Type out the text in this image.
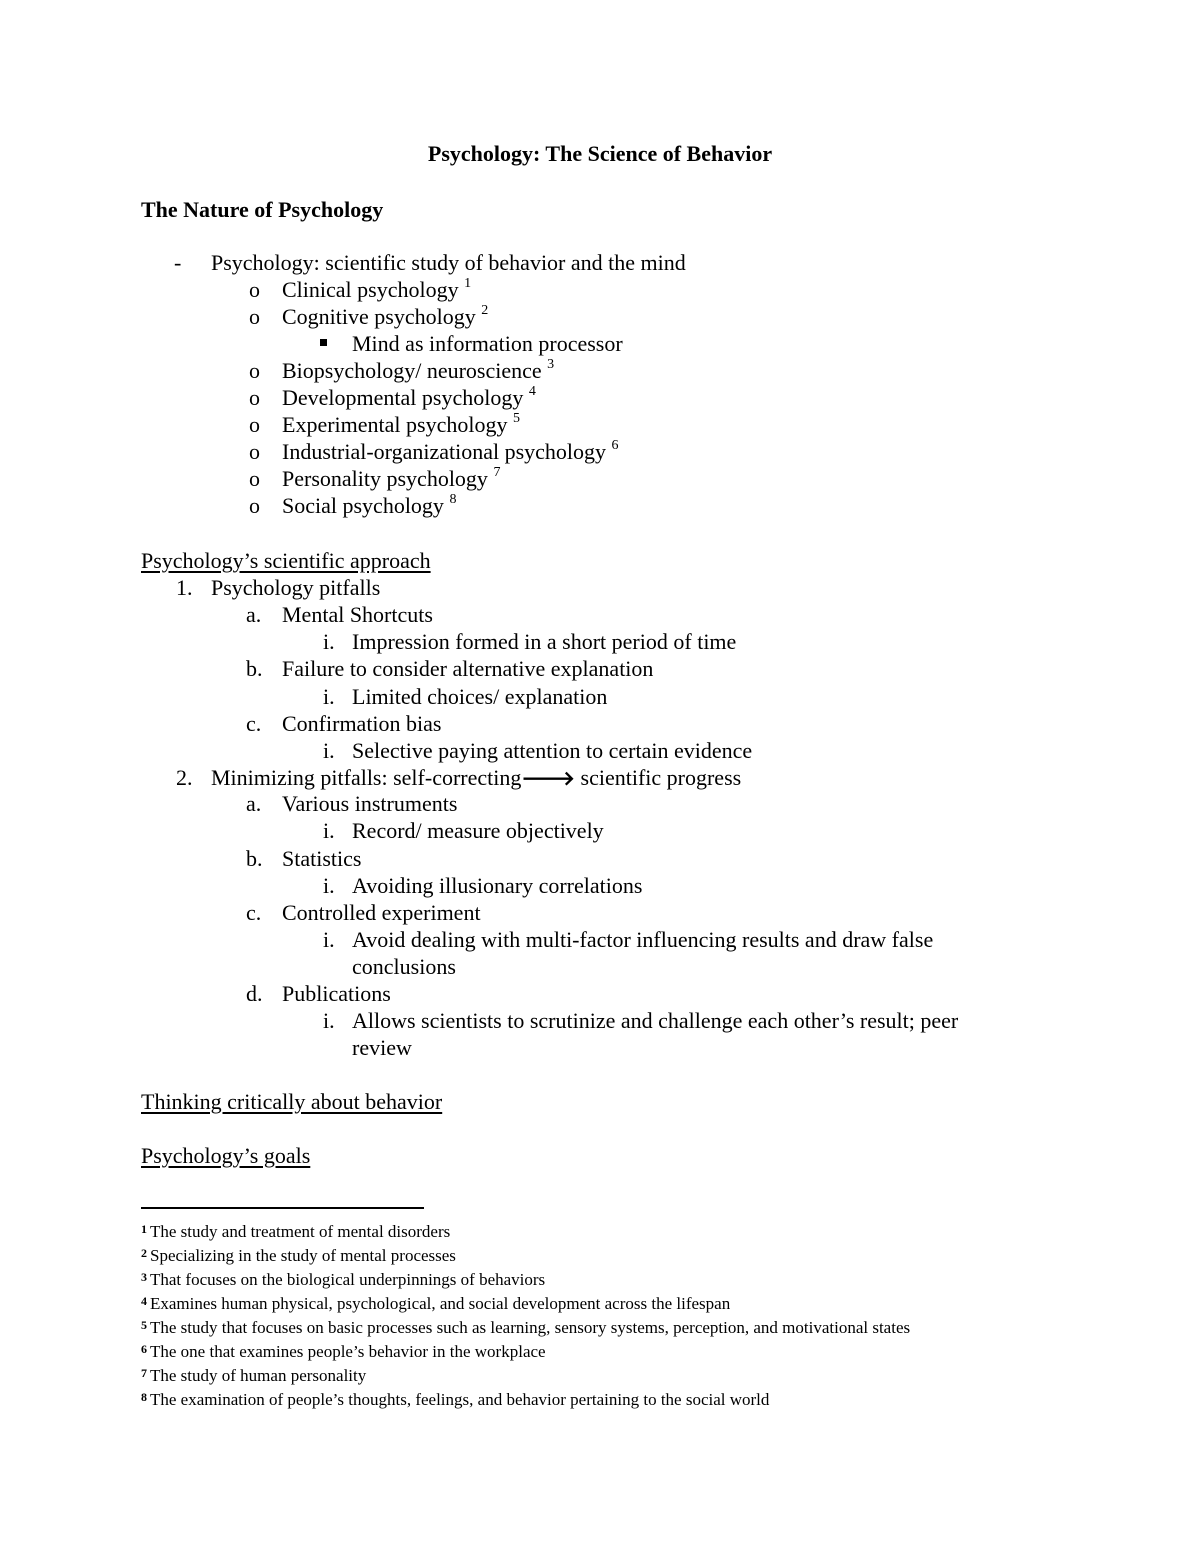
Psychology: The Science of Behavior
The Nature of Psychology
- Psychology: scientific study of behavior and the mind
o Clinical psychology $^1$
o Cognitive psychology $^2$
Mind as information processor
o Biopsychology/ neuroscience $^3$
o Developmental psychology $^4$
o Experimental psychology $^5$
o Industrial-organizational psychology $^6$
o Personality psychology $^7$
o Social psychology $^8$
Psychology’s scientific approach
1. Psychology pitfalls
a. Mental Shortcuts
i. Impression formed in a short period of time
b. Failure to consider alternative explanation
i. Limited choices/ explanation
c. Confirmation bias
i. Selective paying attention to certain evidence
2. Minimizing pitfalls: self-correcting🡒 scientific progress
a. Various instruments
i. Record/ measure objectively
b. Statistics
i. Avoiding illusionary correlations
c. Controlled experiment
i. Avoid dealing with multi-factor influencing results and draw false
conclusions
d. Publications
i. Allows scientists to scrutinize and challenge each other’s result; peer
review
Thinking critically about behavior
Psychology’s goals
$^1$ The study and treatment of mental disorders
$^2$ Specializing in the study of mental processes
$^3$ That focuses on the biological underpinnings of behaviors
$^4$ Examines human physical, psychological, and social development across the lifespan
$^5$ The study that focuses on basic processes such as learning, sensory systems, perception, and motivational states
$^6$ The one that examines people’s behavior in the workplace
$^7$ The study of human personality
$^8$ The examination of people’s thoughts, feelings, and behavior pertaining to the social world
